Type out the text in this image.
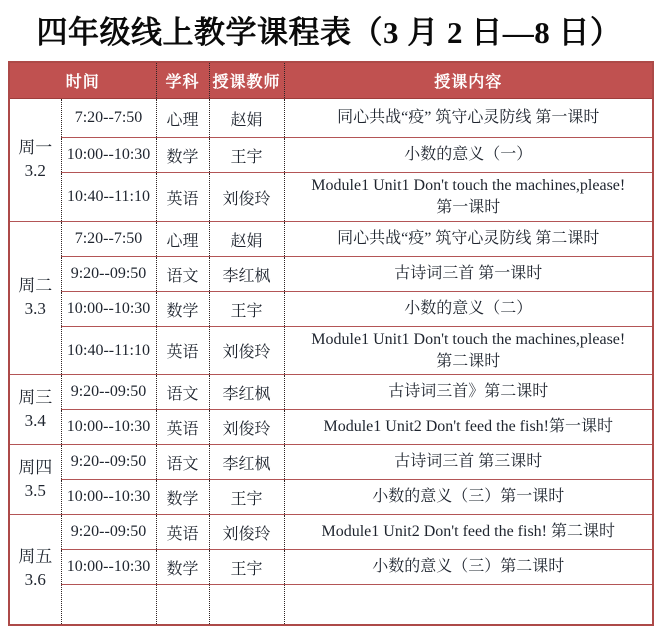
四年级线上教学课程表（3 月 2 日—8 日）
时间		学科	授课教师	授课内容

周一
3.2	7:20--7:50	心理	赵娟	同心共战“疫” 筑守心灵防线 第一课时
	10:00--10:30	数学	王宇	小数的意义（一）
	10:40--11:10	英语	刘俊玲	Module1 Unit1 Don't touch the machines,please!
第一课时

周二
3.3	7:20--7:50	心理	赵娟	同心共战“疫” 筑守心灵防线 第二课时
	9:20--09:50	语文	李红枫	古诗词三首 第一课时
	10:00--10:30	数学	王宇	小数的意义（二）
	10:40--11:10	英语	刘俊玲	Module1 Unit1 Don't touch the machines,please!
第二课时

周三
3.4	9:20--09:50	语文	李红枫	古诗词三首》第二课时
	10:00--10:30	英语	刘俊玲	Module1 Unit2 Don't feed the fish!第一课时

周四
3.5	9:20--09:50	语文	李红枫	古诗词三首 第三课时
	10:00--10:30	数学	王宇	小数的意义（三）第一课时

周五
3.6	9:20--09:50	英语	刘俊玲	Module1 Unit2 Don't feed the fish! 第二课时
	10:00--10:30	数学	王宇	小数的意义（三）第二课时
